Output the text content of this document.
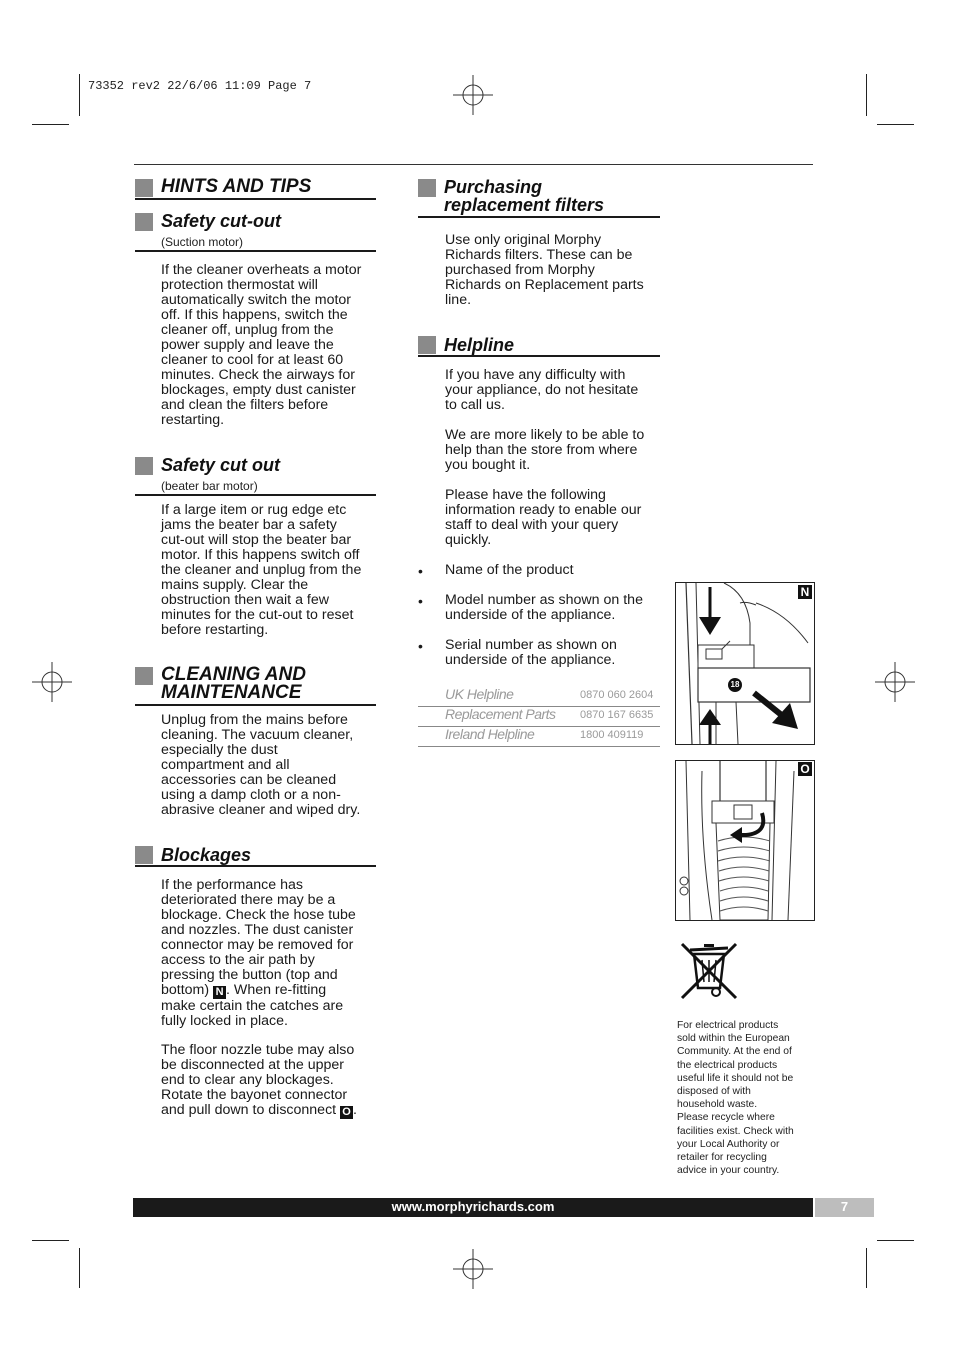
73352 rev2 22/6/06 11:09 Page 7
HINTS AND TIPS
Safety cut-out
(Suction motor)
If the cleaner overheats a motor
protection thermostat will
automatically switch the motor
off. If this happens, switch the
cleaner off, unplug from the
power supply and leave the
cleaner to cool for at least 60
minutes. Check the airways for
blockages, empty dust canister
and clean the filters before
restarting.
Safety cut out
(beater bar motor)
If a large item or rug edge etc
jams the beater bar a safety
cut-out will stop the beater bar
motor. If this happens switch off
the cleaner and unplug from the
mains supply. Clear the
obstruction then wait a few
minutes for the cut-out to reset
before restarting.
CLEANING AND
MAINTENANCE
Unplug from the mains before
cleaning. The vacuum cleaner,
especially the dust
compartment and all
accessories can be cleaned
using a damp cloth or a non-
abrasive cleaner and wiped dry.
Blockages
If the performance has
deteriorated there may be a
blockage. Check the hose tube
and nozzles. The dust canister
connector may be removed for
access to the air path by
pressing the button (top and
bottom) N . When re-fitting
make certain the catches are
fully locked in place.
The floor nozzle tube may also
be disconnected at the upper
end to clear any blockages.
Rotate the bayonet connector
and pull down to disconnect O .
Purchasing
replacement filters
Use only original Morphy
Richards filters. These can be
purchased from Morphy
Richards on Replacement parts
line.
Helpline
If you have any difficulty with
your appliance, do not hesitate
to call us.
We are more likely to be able to
help than the store from where
you bought it.
Please have the following
information ready to enable our
staff to deal with your query
quickly.
• Name of the product
• Model number as shown on the
underside of the appliance.
• Serial number as shown on
underside of the appliance.
UK Helpline	0870 060 2604
Replacement Parts 0870 167 6635
Ireland Helpline	1800 409119
N
18
O
For electrical products
sold within the European
Community. At the end of
the electrical products
useful life it should not be
disposed of with
household waste.
Please recycle where
facilities exist. Check with
your Local Authority or
retailer for recycling
advice in your country.
www.morphyrichards.com	7
